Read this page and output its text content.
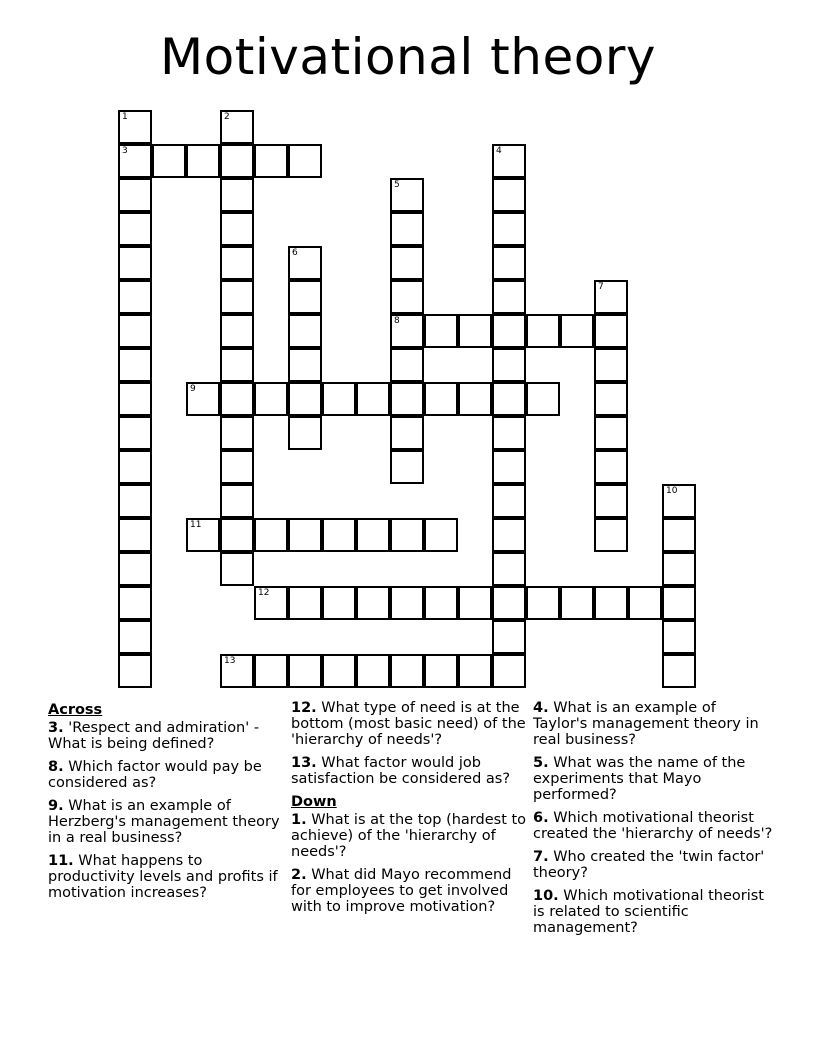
Motivational theory
1
3
2
4
5
8
6
7
9
10
11
12
13
Across
3. 'Respect and admiration' - What is being defined?
8. Which factor would pay be considered as?
9. What is an example of Herzberg's management theory in a real business?
11. What happens to productivity levels and profits if motivation increases?
12. What type of need is at the bottom (most basic need) of the 'hierarchy of needs'?
13. What factor would job satisfaction be considered as?
Down
1. What is at the top (hardest to achieve) of the 'hierarchy of needs'?
2. What did Mayo recommend for employees to get involved with to improve motivation?
4. What is an example of Taylor's management theory in real business?
5. What was the name of the experiments that Mayo performed?
6. Which motivational theorist created the 'hierarchy of needs'?
7. Who created the 'twin factor' theory?
10. Which motivational theorist is related to scientific management?
